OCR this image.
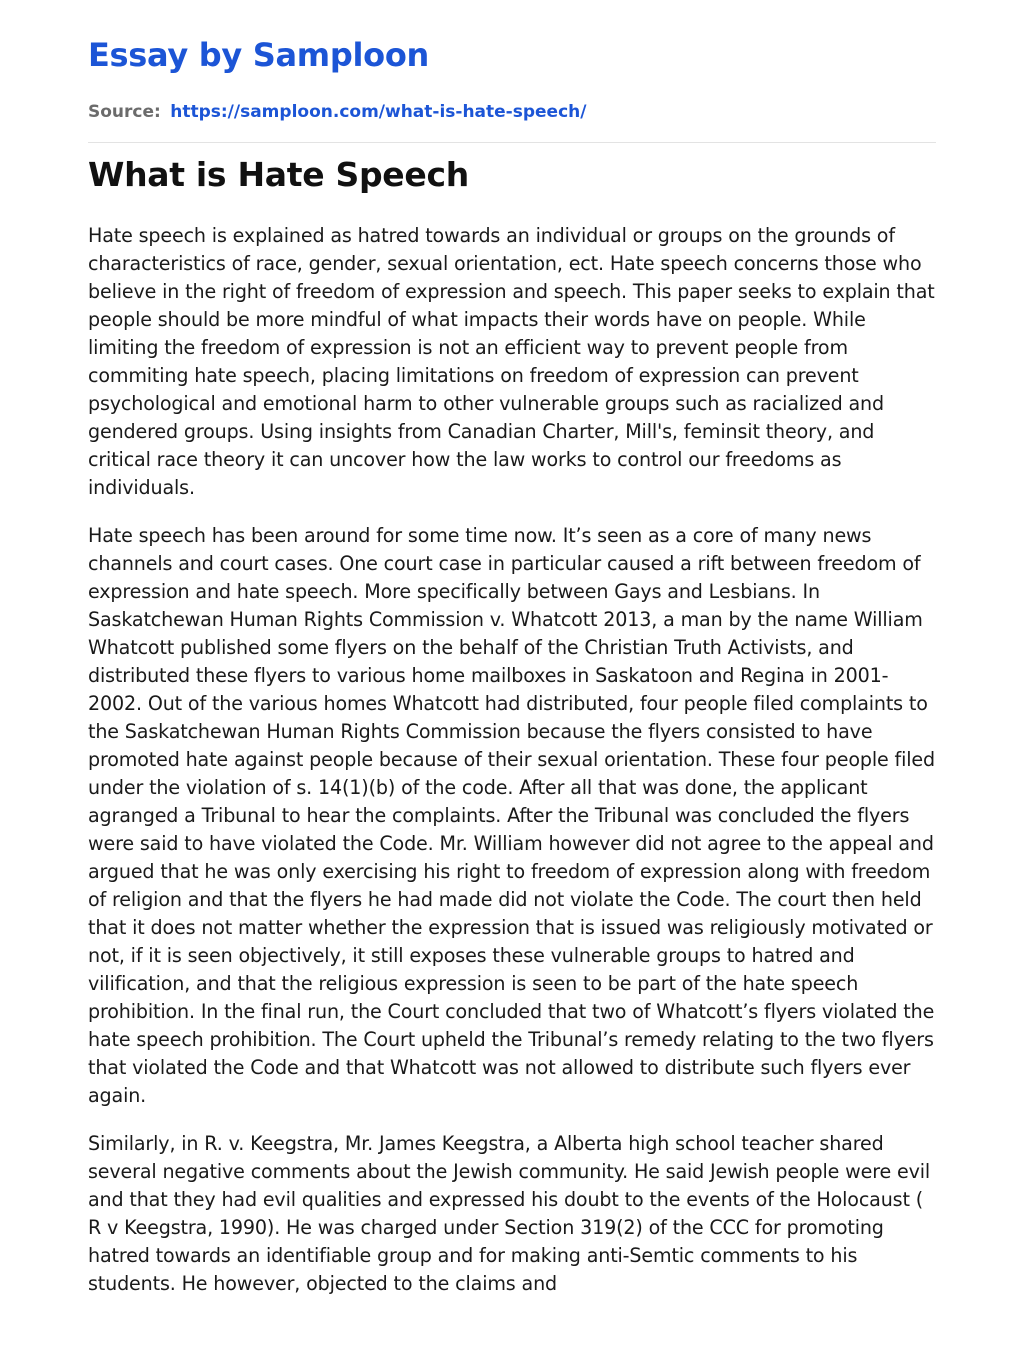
Essay by Samploon
Source: https://samploon.com/what-is-hate-speech/
What is Hate Speech

Hate speech is explained as hatred towards an individual or groups on the grounds of characteristics of race, gender, sexual orientation, ect. Hate speech concerns those who believe in the right of freedom of expression and speech. This paper seeks to explain that people should be more mindful of what impacts their words have on people. While limiting the freedom of expression is not an efficient way to prevent people from commiting hate speech, placing limitations on freedom of expression can prevent psychological and emotional harm to other vulnerable groups such as racialized and gendered groups. Using insights from Canadian Charter, Mill's, feminsit theory, and critical race theory it can uncover how the law works to control our freedoms as individuals.

Hate speech has been around for some time now. It’s seen as a core of many news channels and court cases. One court case in particular caused a rift between freedom of expression and hate speech. More specifically between Gays and Lesbians. In Saskatchewan Human Rights Commission v. Whatcott 2013, a man by the name William Whatcott published some flyers on the behalf of the Christian Truth Activists, and distributed these flyers to various home mailboxes in Saskatoon and Regina in 2001-2002. Out of the various homes Whatcott had distributed, four people filed complaints to the Saskatchewan Human Rights Commission because the flyers consisted to have promoted hate against people because of their sexual orientation. These four people filed under the violation of s. 14(1)(b) of the code. After all that was done, the applicant agranged a Tribunal to hear the complaints. After the Tribunal was concluded the flyers were said to have violated the Code. Mr. William however did not agree to the appeal and argued that he was only exercising his right to freedom of expression along with freedom of religion and that the flyers he had made did not violate the Code. The court then held that it does not matter whether the expression that is issued was religiously motivated or not, if it is seen objectively, it still exposes these vulnerable groups to hatred and vilification, and that the religious expression is seen to be part of the hate speech prohibition. In the final run, the Court concluded that two of Whatcott’s flyers violated the hate speech prohibition. The Court upheld the Tribunal’s remedy relating to the two flyers that violated the Code and that Whatcott was not allowed to distribute such flyers ever again.

Similarly, in R. v. Keegstra, Mr. James Keegstra, a Alberta high school teacher shared several negative comments about the Jewish community. He said Jewish people were evil and that they had evil qualities and expressed his doubt to the events of the Holocaust ( R v Keegstra, 1990). He was charged under Section 319(2) of the CCC for promoting hatred towards an identifiable group and for making anti-Semtic comments to his students. He however, objected to the claims and
